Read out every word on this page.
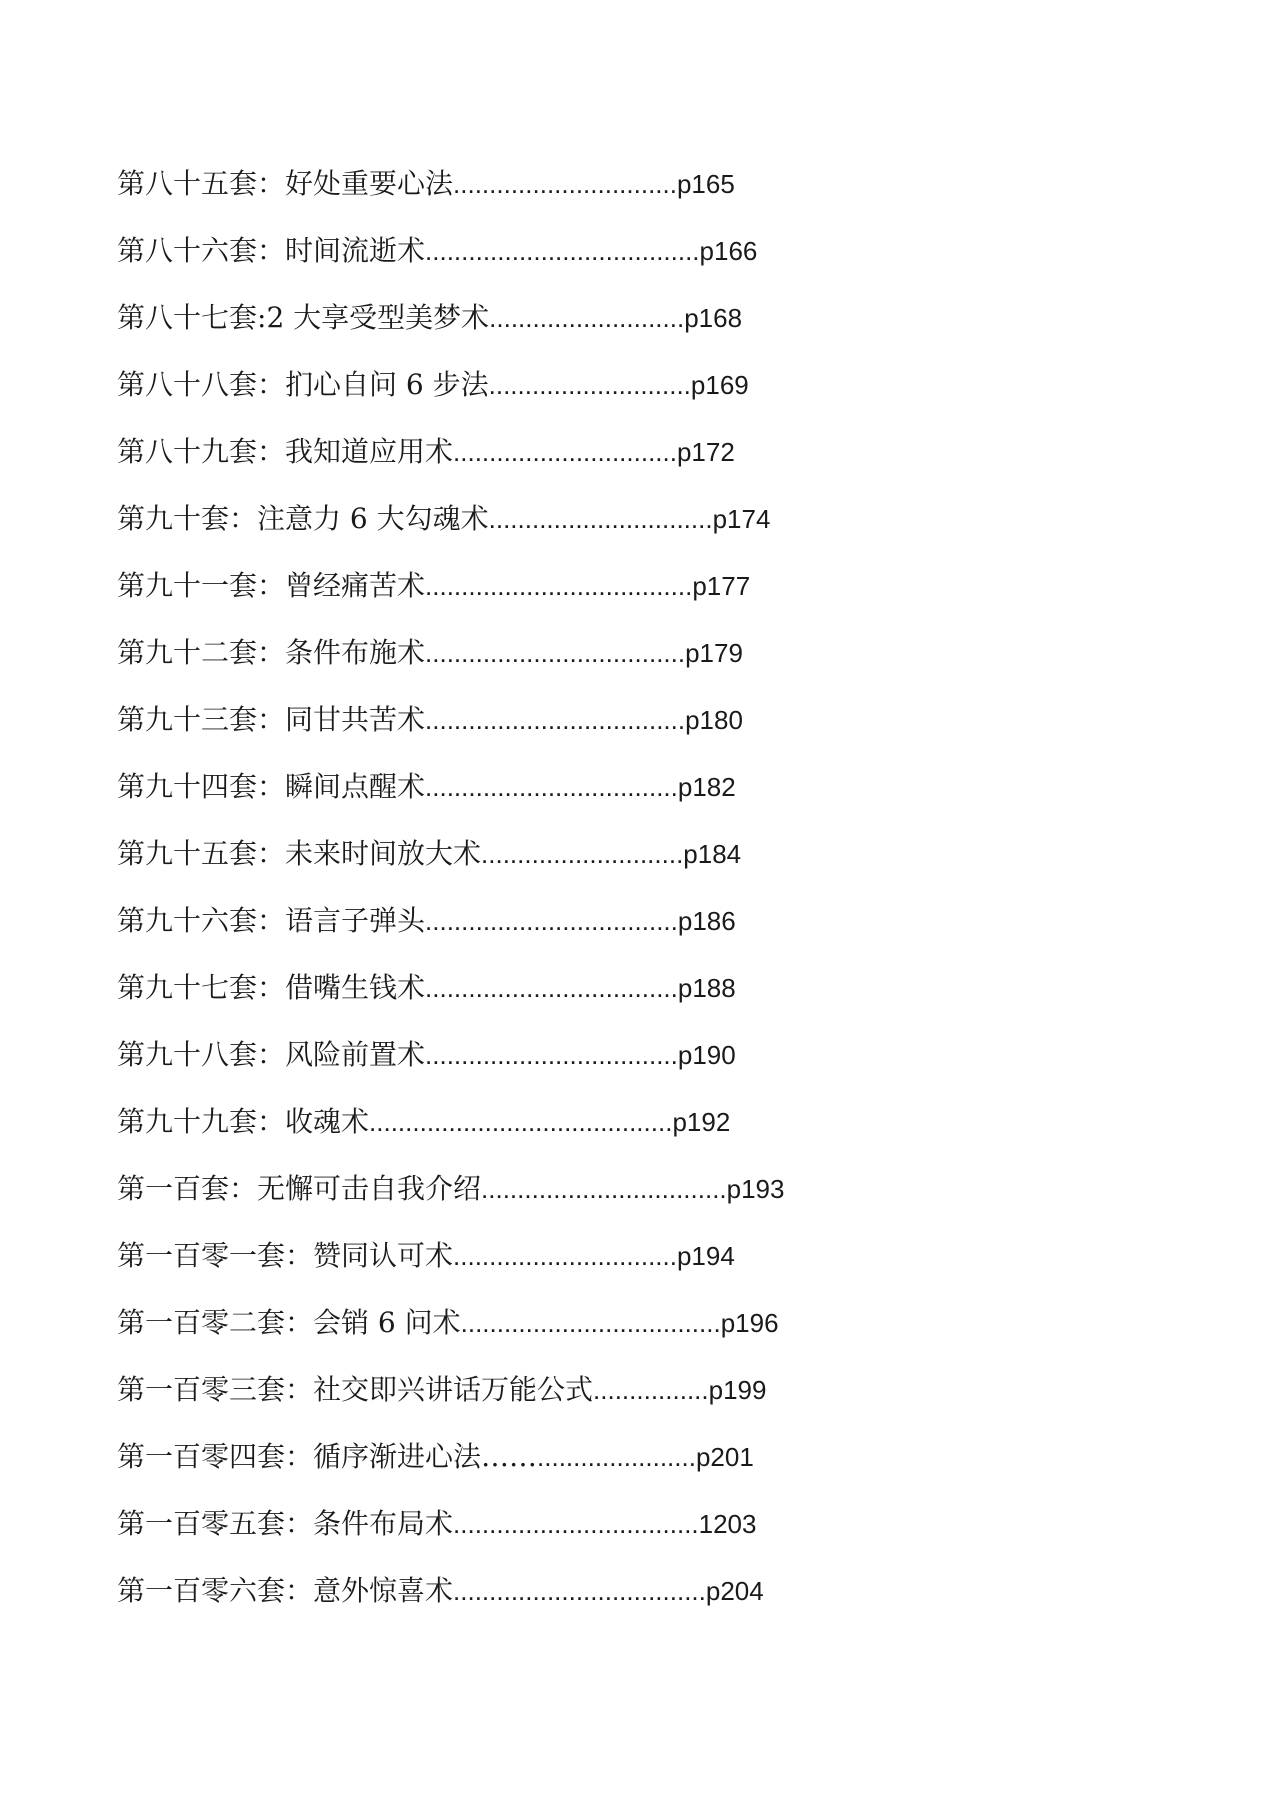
第八十五套：好处重要心法...............................p165
第八十六套：时间流逝术......................................p166
第八十七套:2 大享受型美梦术...........................p168
第八十八套：扪心自问 6 步法............................p169
第八十九套：我知道应用术...............................p172
第九十套：注意力 6 大勾魂术...............................p174
第九十一套：曾经痛苦术.....................................p177
第九十二套：条件布施术....................................p179
第九十三套：同甘共苦术....................................p180
第九十四套：瞬间点醒术...................................p182
第九十五套：未来时间放大术............................p184
第九十六套：语言子弹头...................................p186
第九十七套：借嘴生钱术...................................p188
第九十八套：风险前置术...................................p190
第九十九套：收魂术..........................................p192
第一百套：无懈可击自我介绍..................................p193
第一百零一套：赞同认可术...............................p194
第一百零二套：会销 6 问术....................................p196
第一百零三套：社交即兴讲话万能公式................p199
第一百零四套：循序渐进心法……......................p201
第一百零五套：条件布局术..................................1203
第一百零六套：意外惊喜术...................................p204
